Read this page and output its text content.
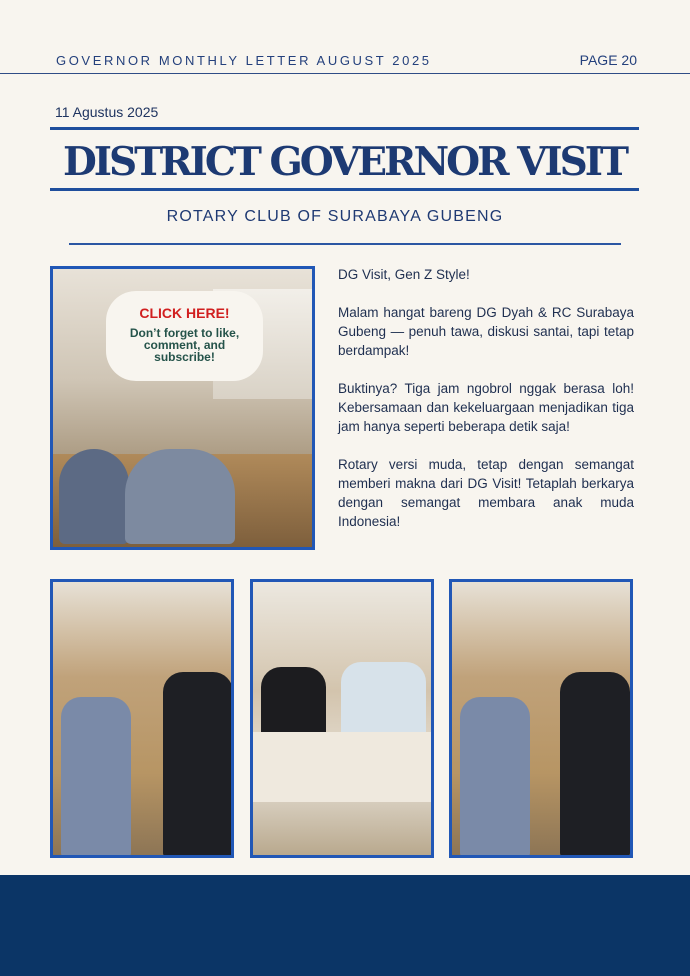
GOVERNOR MONTHLY LETTER AUGUST 2025	PAGE 20
11 Agustus 2025
DISTRICT GOVERNOR VISIT
ROTARY CLUB OF SURABAYA GUBENG
CLICK HERE!
Don’t forget to like, comment, and subscribe!

DG Visit, Gen Z Style!

Malam hangat bareng DG Dyah & RC Surabaya Gubeng — penuh tawa, diskusi santai, tapi tetap berdampak!

Buktinya? Tiga jam ngobrol nggak berasa loh! Kebersamaan dan kekeluargaan menjadikan tiga jam hanya seperti beberapa detik saja!

Rotary versi muda, tetap dengan semangat memberi makna dari DG Visit! Tetaplah berkarya dengan semangat membara anak muda Indonesia!
